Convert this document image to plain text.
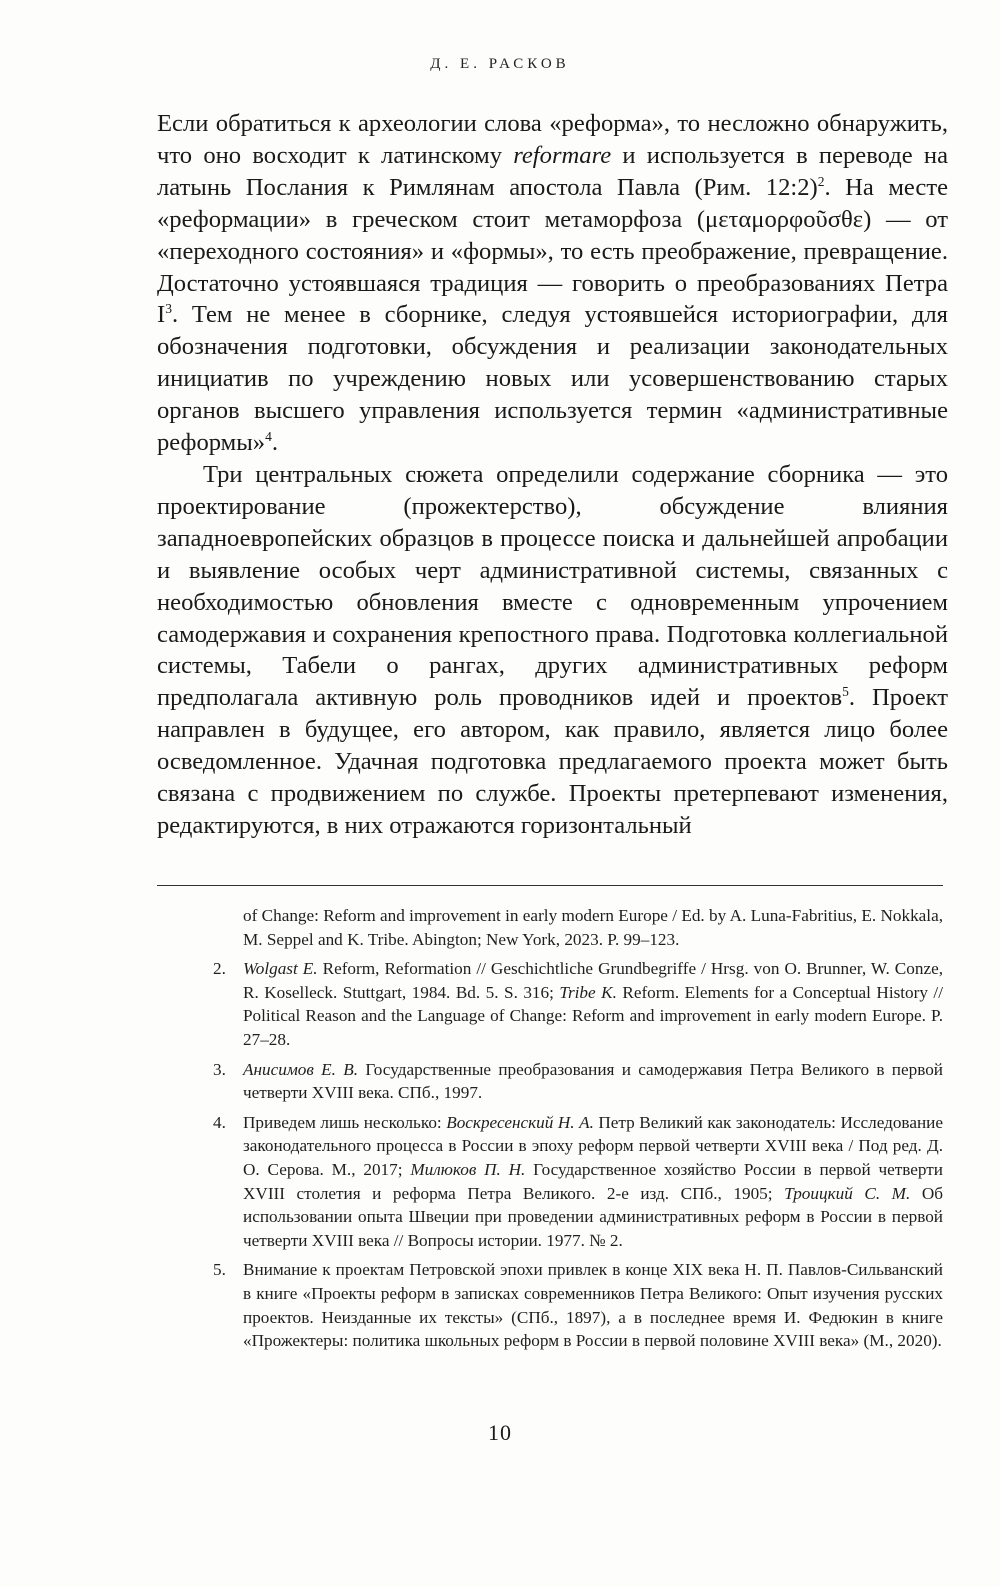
Д. Е. РАСКОВ

Если обратиться к археологии слова «реформа», то несложно обнаружить, что оно восходит к латинскому reformare и используется в переводе на латынь Послания к Римлянам апостола Павла (Рим. 12:2)$^2$. На месте «реформации» в греческом стоит метаморфоза (μεταμορφοῦσθε) — от «переходного состояния» и «формы», то есть преображение, превращение. Достаточно устоявшаяся традиция — говорить о преобразованиях Петра $I^3$. Тем не менее в сборнике, следуя устоявшейся историографии, для обозначения подготовки, обсуждения и реализации законодательных инициатив по учреждению новых или усовершенствованию старых органов высшего управления используется термин «административные реформы»$^4$.

Три центральных сюжета определили содержание сборника — это проектирование (прожектерство), обсуждение влияния западноевропейских образцов в процессе поиска и дальнейшей апробации и выявление особых черт административной системы, связанных с необходимостью обновления вместе с одновременным упрочением самодержавия и сохранения крепостного права. Подготовка коллегиальной системы, Табели о рангах, других административных реформ предполагала активную роль проводников идей и проектов$^5$. Проект направлен в будущее, его автором, как правило, является лицо более осведомленное. Удачная подготовка предлагаемого проекта может быть связана с продвижением по службе. Проекты претерпевают изменения, редактируются, в них отражаются горизонтальный

of Change: Reform and improvement in early modern Europe / Ed. by A. Luna-Fabritius, E. Nokkala, M. Seppel and K. Tribe. Abington; New York, 2023. P. 99–123.
2. Wolgast E. Reform, Reformation // Geschichtliche Grundbegriffe / Hrsg. von O. Brunner, W. Conze, R. Koselleck. Stuttgart, 1984. Bd. 5. S. 316; Tribe K. Reform. Elements for a Conceptual History // Political Reason and the Language of Change: Reform and improvement in early modern Europe. P. 27–28.
3. Анисимов Е. В. Государственные преобразования и самодержавия Петра Великого в первой четверти XVIII века. СПб., 1997.
4. Приведем лишь несколько: Воскресенский Н. А. Петр Великий как законодатель: Исследование законодательного процесса в России в эпоху реформ первой четверти XVIII века / Под ред. Д. О. Серова. М., 2017; Милюков П. Н. Государственное хозяйство России в первой четверти XVIII столетия и реформа Петра Великого. 2-е изд. СПб., 1905; Троицкий С. М. Об использовании опыта Швеции при проведении административных реформ в России в первой четверти XVIII века // Вопросы истории. 1977. № 2.
5. Внимание к проектам Петровской эпохи привлек в конце XIX века Н. П. Павлов-Сильванский в книге «Проекты реформ в записках современников Петра Великого: Опыт изучения русских проектов. Неизданные их тексты» (СПб., 1897), а в последнее время И. Федюкин в книге «Прожектеры: политика школьных реформ в России в первой половине XVIII века» (М., 2020).
10
